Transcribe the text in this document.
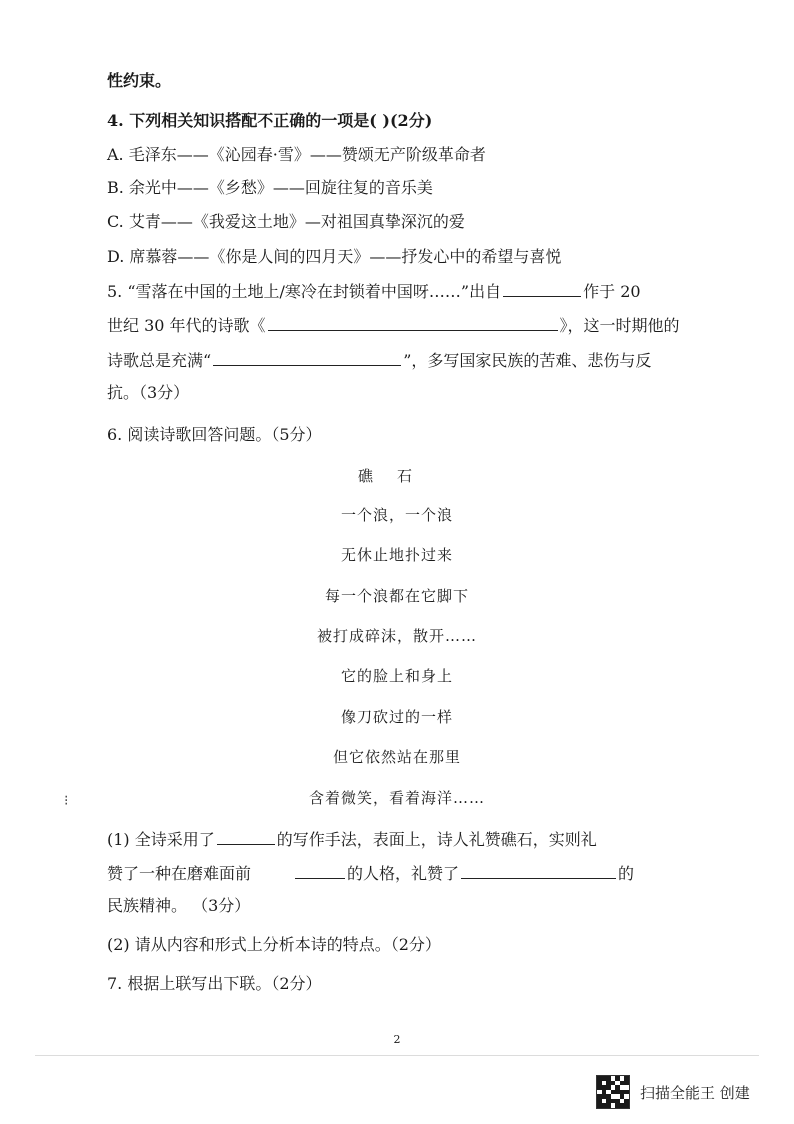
性约束。
4. 下列相关知识搭配不正确的一项是( )(2分)
A. 毛泽东——《沁园春·雪》——赞颂无产阶级革命者
B. 余光中——《乡愁》——回旋往复的音乐美
C. 艾青——《我爱这土地》—对祖国真挚深沉的爱
D. 席慕蓉——《你是人间的四月天》——抒发心中的希望与喜悦
5. “雪落在中国的土地上/寒冷在封锁着中国呀……”出自	作于 20
世纪 30 年代的诗歌《	》，这一时期他的
诗歌总是充满“	”，多写国家民族的苦难、悲伤与反
抗。（3分）
6. 阅读诗歌回答问题。（5分）
礁石
一个浪，一个浪
无休止地扑过来
每一个浪都在它脚下
被打成碎沫，散开……
它的脸上和身上
像刀砍过的一样
但它依然站在那里
含着微笑，看着海洋……
⁝
(1) 全诗采用了	的写作手法，表面上，诗人礼赞礁石，实则礼
赞了一种在磨难面前	的人格，礼赞了	的
民族精神。 （3分）
(2) 请从内容和形式上分析本诗的特点。（2分）
7. 根据上联写出下联。（2分）
2
扫描全能王 创建
